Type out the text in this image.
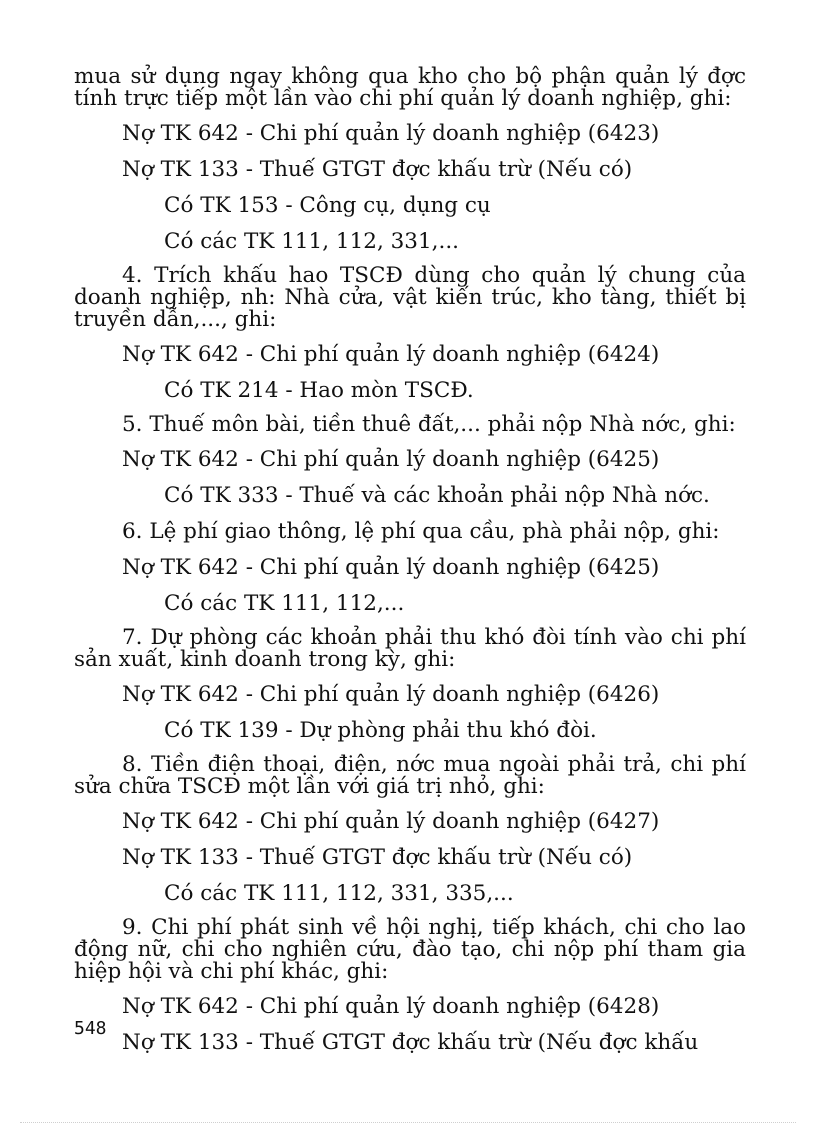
mua sử dụng ngay không qua kho cho bộ phận quản lý đợc tính trực tiếp một lần vào chi phí quản lý doanh nghiệp, ghi:
Nợ TK 642 - Chi phí quản lý doanh nghiệp (6423)
Nợ TK 133 - Thuế GTGT đợc khấu trừ (Nếu có)
Có TK 153 - Công cụ, dụng cụ
Có các TK 111, 112, 331,...
4. Trích khấu hao TSCĐ dùng cho quản lý chung của doanh nghiệp, nh: Nhà cửa, vật kiến trúc, kho tàng, thiết bị truyền dẫn,..., ghi:
Nợ TK 642 - Chi phí quản lý doanh nghiệp (6424)
Có TK 214 - Hao mòn TSCĐ.
5. Thuế môn bài, tiền thuê đất,... phải nộp Nhà nớc, ghi:
Nợ TK 642 - Chi phí quản lý doanh nghiệp (6425)
Có TK 333 - Thuế và các khoản phải nộp Nhà nớc.
6. Lệ phí giao thông, lệ phí qua cầu, phà phải nộp, ghi:
Nợ TK 642 - Chi phí quản lý doanh nghiệp (6425)
Có các TK 111, 112,...
7. Dự phòng các khoản phải thu khó đòi tính vào chi phí sản xuất, kinh doanh trong kỳ, ghi:
Nợ TK 642 - Chi phí quản lý doanh nghiệp (6426)
Có TK 139 - Dự phòng phải thu khó đòi.
8. Tiền điện thoại, điện, nớc mua ngoài phải trả, chi phí sửa chữa TSCĐ một lần với giá trị nhỏ, ghi:
Nợ TK 642 - Chi phí quản lý doanh nghiệp (6427)
Nợ TK 133 - Thuế GTGT đợc khấu trừ (Nếu có)
Có các TK 111, 112, 331, 335,...
9. Chi phí phát sinh về hội nghị, tiếp khách, chi cho lao động nữ, chi cho nghiên cứu, đào tạo, chi nộp phí tham gia hiệp hội và chi phí khác, ghi:
Nợ TK 642 - Chi phí quản lý doanh nghiệp (6428)
Nợ TK 133 - Thuế GTGT đợc khấu trừ (Nếu đợc khấu
548
